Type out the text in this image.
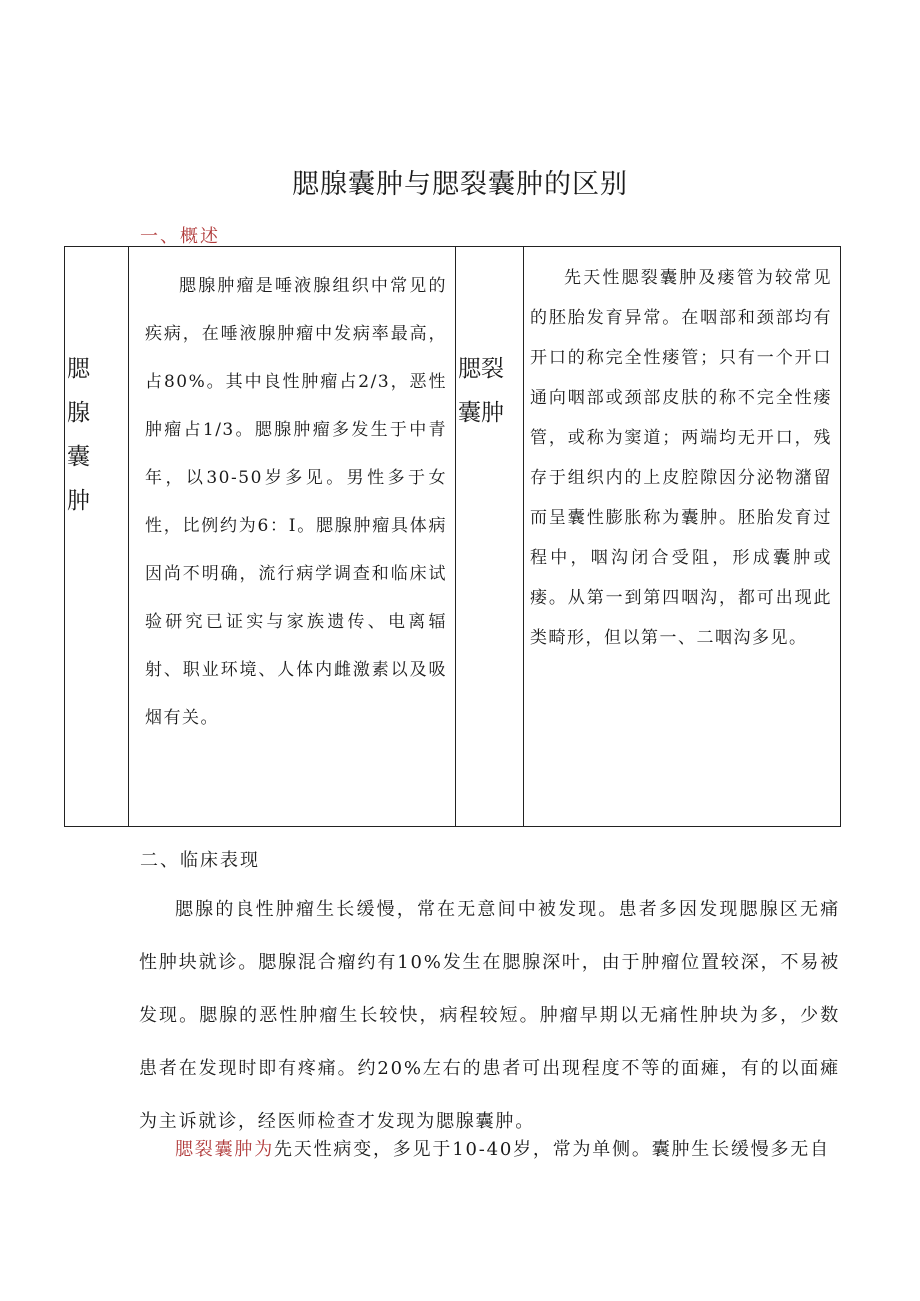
腮腺囊肿与腮裂囊肿的区别
一、概述
腮腺囊肿	腮腺肿瘤是唾液腺组织中常见的疾病，在唾液腺肿瘤中发病率最高，占80%。其中良性肿瘤占2/3，恶性肿瘤占1/3。腮腺肿瘤多发生于中青年，以30-50岁多见。男性多于女性，比例约为6：I。腮腺肿瘤具体病因尚不明确，流行病学调查和临床试验研究已证实与家族遗传、电离辐射、职业环境、人体内雌激素以及吸烟有关。	腮裂囊肿	先天性腮裂囊肿及瘘管为较常见的胚胎发育异常。在咽部和颈部均有开口的称完全性瘘管；只有一个开口通向咽部或颈部皮肤的称不完全性瘘管，或称为窦道；两端均无开口，残存于组织内的上皮腔隙因分泌物潴留而呈囊性膨胀称为囊肿。胚胎发育过程中，咽沟闭合受阻，形成囊肿或瘘。从第一到第四咽沟，都可出现此类畸形，但以第一、二咽沟多见。
二、临床表现
腮腺的良性肿瘤生长缓慢，常在无意间中被发现。患者多因发现腮腺区无痛性肿块就诊。腮腺混合瘤约有10%发生在腮腺深叶，由于肿瘤位置较深，不易被发现。腮腺的恶性肿瘤生长较快，病程较短。肿瘤早期以无痛性肿块为多，少数患者在发现时即有疼痛。约20%左右的患者可出现程度不等的面瘫，有的以面瘫为主诉就诊，经医师检查才发现为腮腺囊肿。
腮裂囊肿为先天性病变，多见于10-40岁，常为单侧。囊肿生长缓慢多无自
